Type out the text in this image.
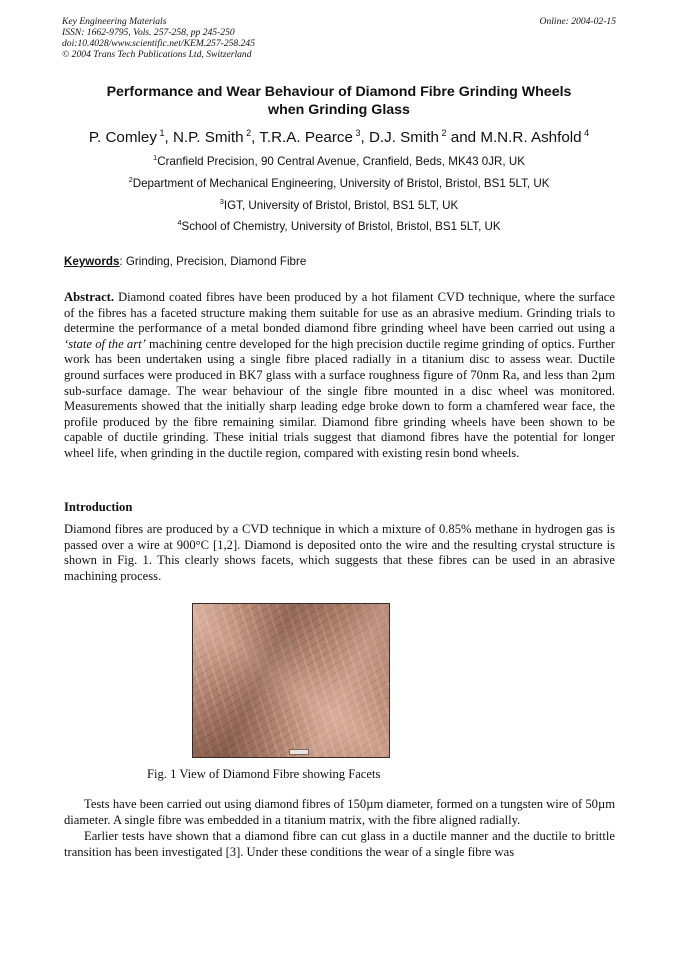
Key Engineering Materials
ISSN: 1662-9795, Vols. 257-258, pp 245-250
doi:10.4028/www.scientific.net/KEM.257-258.245
© 2004 Trans Tech Publications Ltd, Switzerland
Online: 2004-02-15
Performance and Wear Behaviour of Diamond Fibre Grinding Wheels
when Grinding Glass
P. Comley $^1$, N.P. Smith $^2$, T.R.A. Pearce $^3$, D.J. Smith $^2$ and M.N.R. Ashfold $^4$
$^1$Cranfield Precision, 90 Central Avenue, Cranfield, Beds, MK43 0JR, UK
$^2$Department of Mechanical Engineering, University of Bristol, Bristol, BS1 5LT, UK
$^3$IGT, University of Bristol, Bristol, BS1 5LT, UK
$^4$School of Chemistry, University of Bristol, Bristol, BS1 5LT, UK
Keywords: Grinding, Precision, Diamond Fibre
Abstract. Diamond coated fibres have been produced by a hot filament CVD technique, where the surface of the fibres has a faceted structure making them suitable for use as an abrasive medium. Grinding trials to determine the performance of a metal bonded diamond fibre grinding wheel have been carried out using a ‘state of the art’ machining centre developed for the high precision ductile regime grinding of optics. Further work has been undertaken using a single fibre placed radially in a titanium disc to assess wear. Ductile ground surfaces were produced in BK7 glass with a surface roughness figure of 70nm Ra, and less than 2µm sub-surface damage. The wear behaviour of the single fibre mounted in a disc wheel was monitored. Measurements showed that the initially sharp leading edge broke down to form a chamfered wear face, the profile produced by the fibre remaining similar. Diamond fibre grinding wheels have been shown to be capable of ductile grinding. These initial trials suggest that diamond fibres have the potential for longer wheel life, when grinding in the ductile region, compared with existing resin bond wheels.
Introduction
Diamond fibres are produced by a CVD technique in which a mixture of 0.85% methane in hydrogen gas is passed over a wire at 900°C [1,2]. Diamond is deposited onto the wire and the resulting crystal structure is shown in Fig. 1. This clearly shows facets, which suggests that these fibres can be used in an abrasive machining process.
Fig. 1 View of Diamond Fibre showing Facets
Tests have been carried out using diamond fibres of 150µm diameter, formed on a tungsten wire of 50µm diameter. A single fibre was embedded in a titanium matrix, with the fibre aligned radially.
Earlier tests have shown that a diamond fibre can cut glass in a ductile manner and the ductile to brittle transition has been investigated [3]. Under these conditions the wear of a single fibre was
